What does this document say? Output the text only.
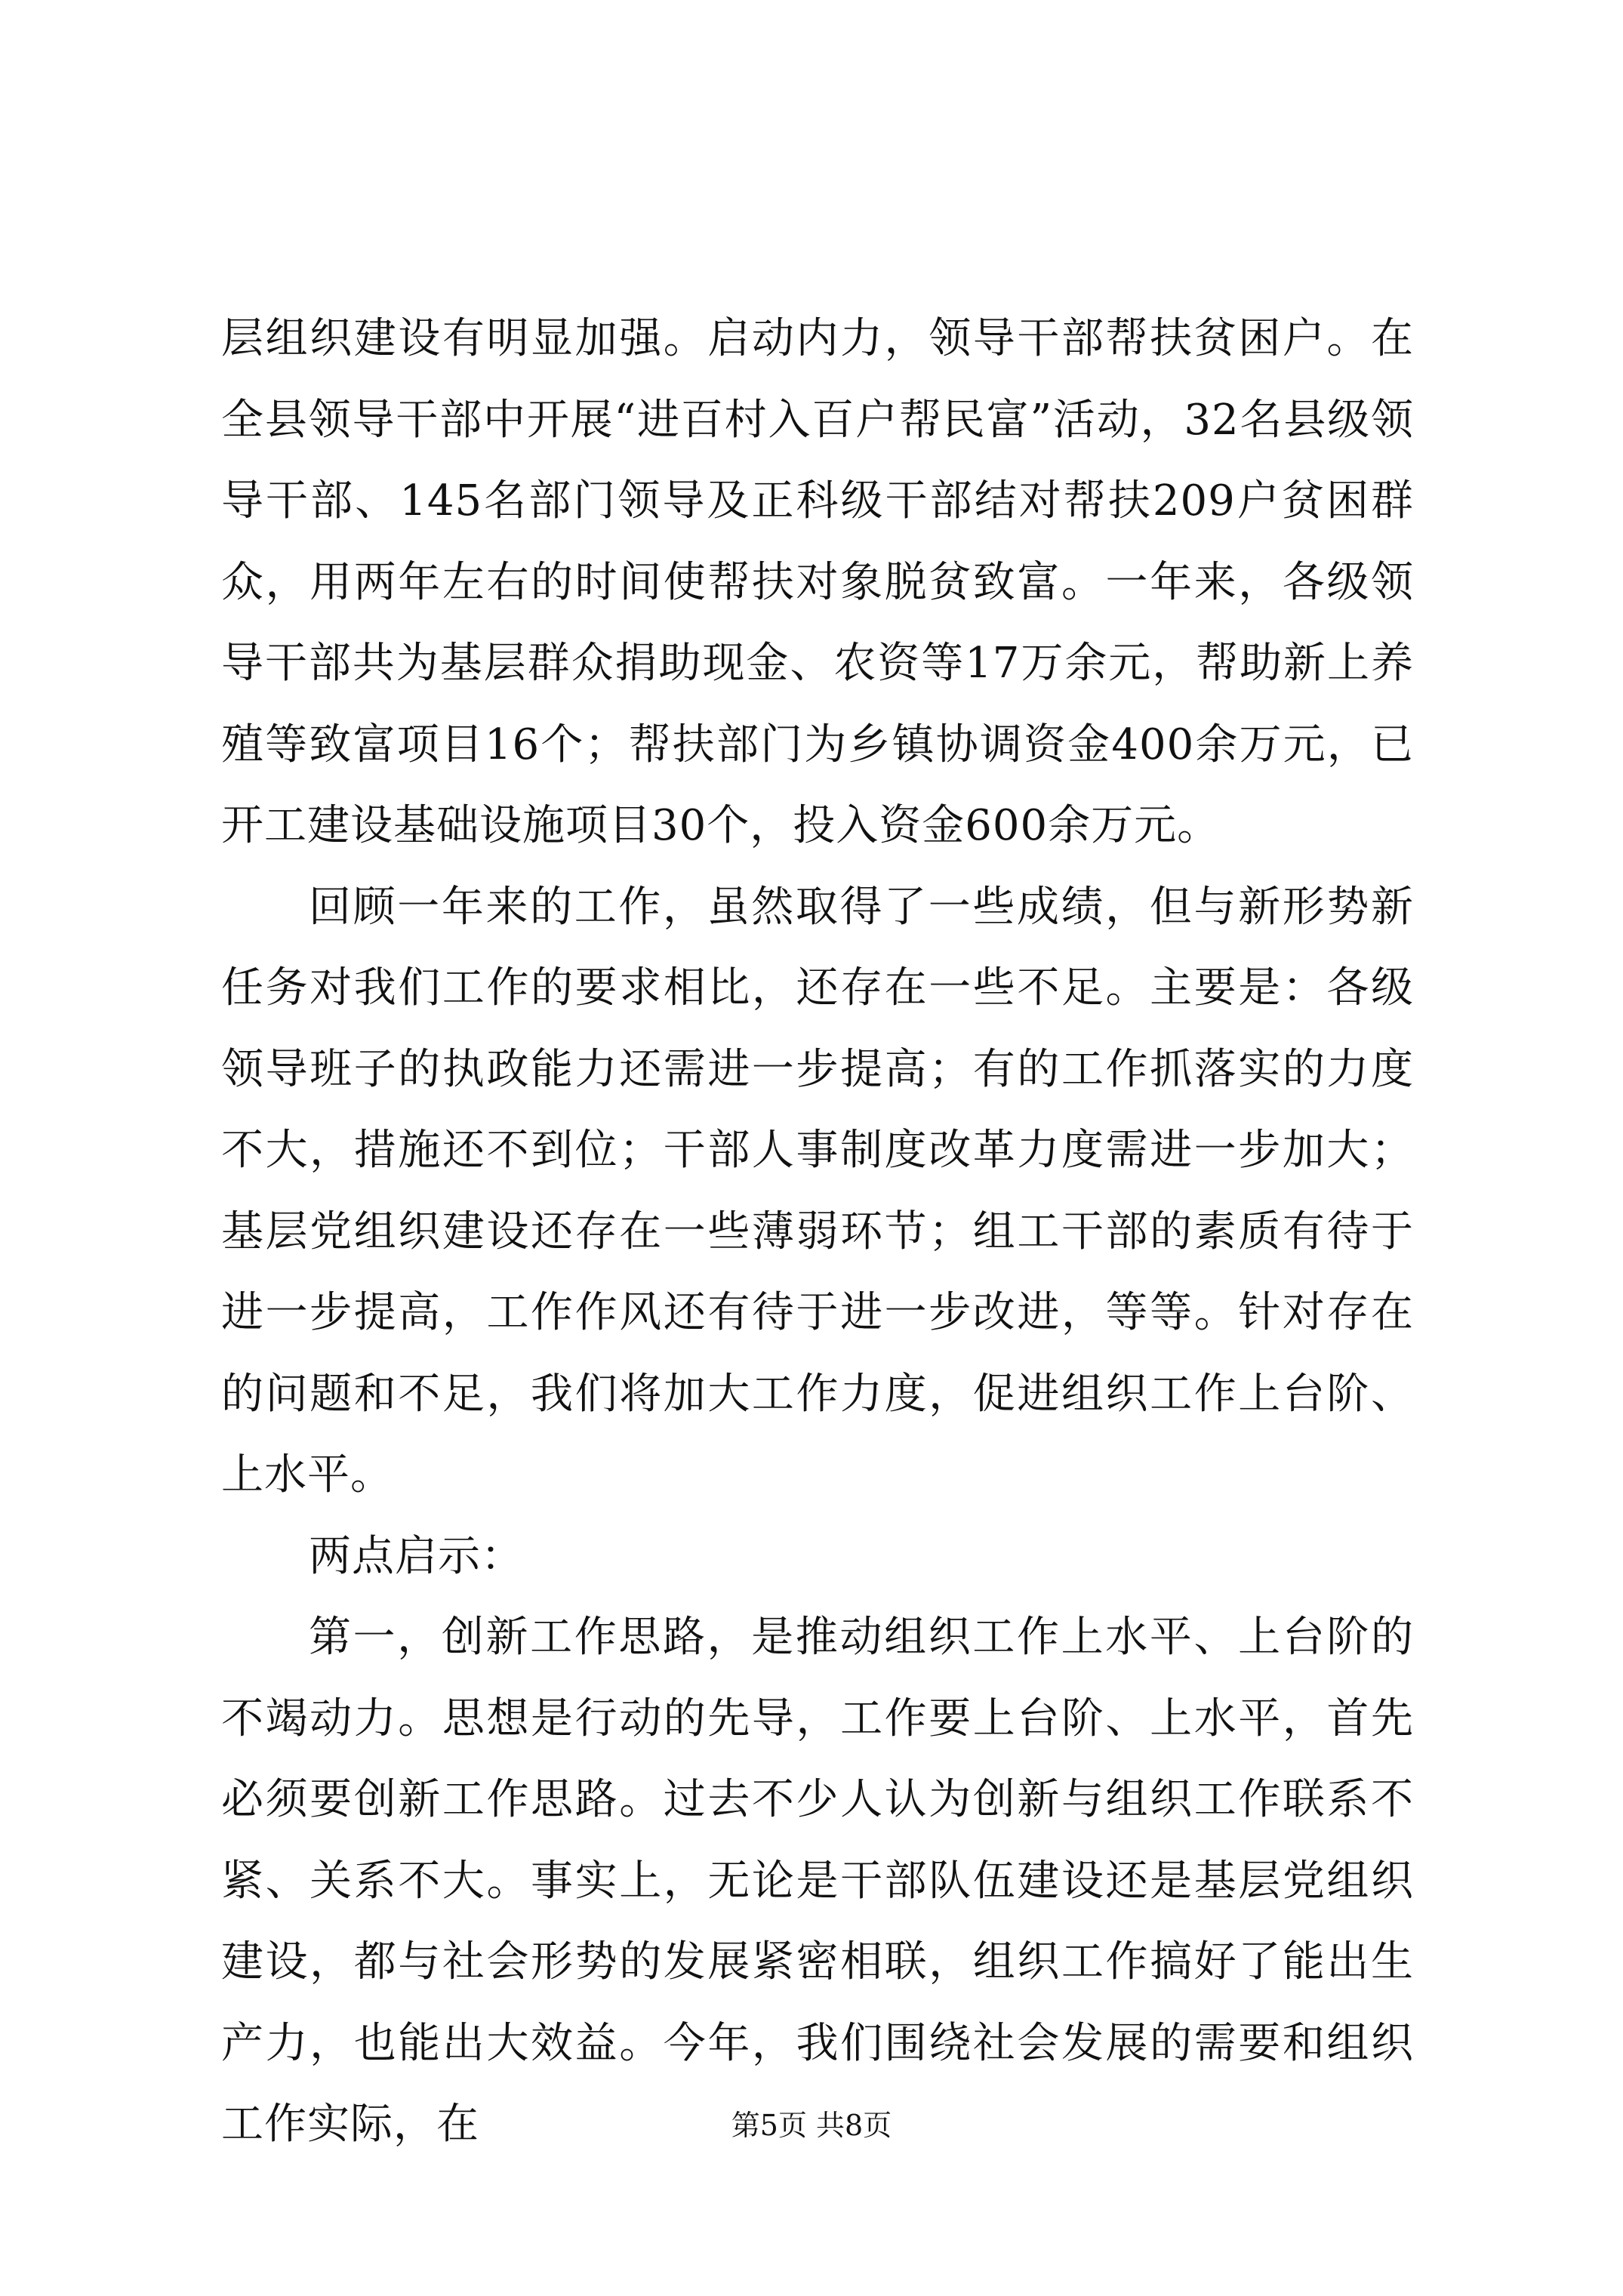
层组织建设有明显加强。启动内力，领导干部帮扶贫困户。在全县领导干部中开展“进百村入百户帮民富”活动，32名县级领导干部、145名部门领导及正科级干部结对帮扶209户贫困群众，用两年左右的时间使帮扶对象脱贫致富。一年来，各级领导干部共为基层群众捐助现金、农资等17万余元，帮助新上养殖等致富项目16个；帮扶部门为乡镇协调资金400余万元，已开工建设基础设施项目30个，投入资金600余万元。

回顾一年来的工作，虽然取得了一些成绩，但与新形势新任务对我们工作的要求相比，还存在一些不足。主要是：各级领导班子的执政能力还需进一步提高；有的工作抓落实的力度不大，措施还不到位；干部人事制度改革力度需进一步加大；基层党组织建设还存在一些薄弱环节；组工干部的素质有待于进一步提高，工作作风还有待于进一步改进，等等。针对存在的问题和不足，我们将加大工作力度，促进组织工作上台阶、上水平。

两点启示：

第一，创新工作思路，是推动组织工作上水平、上台阶的不竭动力。思想是行动的先导，工作要上台阶、上水平，首先必须要创新工作思路。过去不少人认为创新与组织工作联系不紧、关系不大。事实上，无论是干部队伍建设还是基层党组织建设，都与社会形势的发展紧密相联，组织工作搞好了能出生产力，也能出大效益。今年，我们围绕社会发展的需要和组织工作实际，在	第5页 共8页
